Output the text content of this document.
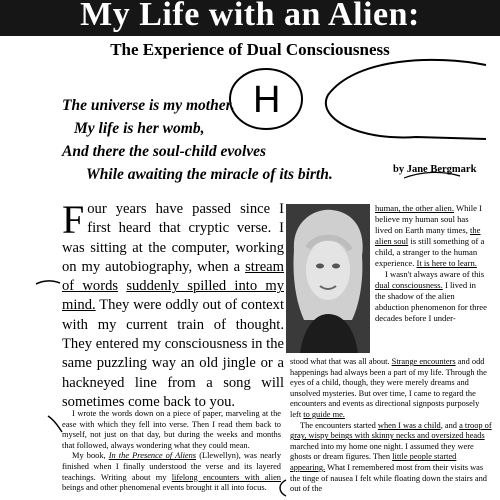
My Life with an Alien:
The Experience of Dual Consciousness
H
The universe is my mother.
My life is her womb,
And there the soul-child evolves
While awaiting the miracle of its birth.	by Jane Bergmark

Four years have passed since I first heard that cryptic verse. I was sitting at the computer, working on my autobiography, when a stream of words suddenly spilled into my mind. They were oddly out of context with my current train of thought. They entered my consciousness in the same puzzling way an old jingle or a hackneyed line from a song will sometimes come back to you.

human, the other alien. While I believe my human soul has lived on Earth many times, the alien soul is still something of a child, a stranger to the human experience. It is here to learn.

I wasn't always aware of this dual consciousness. I lived in the shadow of the alien abduction phenomenon for three decades before I under-

I wrote the words down on a piece of paper, marveling at the ease with which they fell into verse. Then I read them back to myself, not just on that day, but during the weeks and months that followed, always wondering what they could mean.

My book, In the Presence of Aliens (Llewellyn), was nearly finished when I finally understood the verse and its layered teachings. Writing about my lifelong encounters with alien beings and other phenomenal events brought it all into focus.

stood what that was all about. Strange encounters and odd happenings had always been a part of my life. Through the eyes of a child, though, they were merely dreams and unsolved mysteries. But over time, I came to regard the encounters and events as directional signposts purposely left to guide me.

The encounters started when I was a child, and a troop of gray, wispy beings with skinny necks and oversized heads marched into my home one night. I assumed they were ghosts or dream figures. Then little people started appearing. What I remembered most from their visits was the tinge of nausea I felt while floating down the stairs and out of the
